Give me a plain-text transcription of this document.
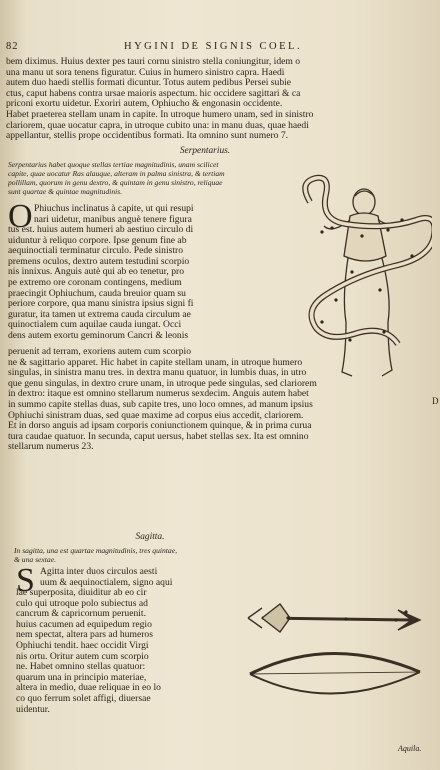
82	HYGINI DE SIGNIS COEL.
bem diximus. Huius dexter pes tauri cornu sinistro stella coniungitur, idem o
una manu ut sora tenens figuratur. Cuius in humero sinistro capra. Haedi
autem duo haedi stellis formati dicuntur. Totus autem pedibus Persei subie
ctus, caput habens contra ursae maioris aspectum. hic occidere sagittari & ca
priconi exortu uidetur. Exoriri autem, Ophiucho & engonasin occidente.
Habet praeterea stellam unam in capite. In utroque humero unam, sed in sinistro
clariorem, quae uocatur capra, in utroque cubito una: in manu duas, quae haedi
appellantur, stellis prope occidentibus formati. Ita omnino sunt numero 7.
Serpentarius.
Serpentarius habet quoque stellas tertiae magnitudinis, unam scilicet
capite, quae uocatur Ras alauque, alteram in palma sinistra, & tertiam
pollillam, quorum in genu dextro, & quintam in genu sinistro, reliquae
sunt quartae & quintae magnitudinis.
O Phiuchus inclinatus à capite, ut qui resupi
nari uidetur, manibus anguè tenere figura
tus est. huius autem humeri ab aestiuo circulo di
uiduntur à reliquo corpore. Ipse genum fine ab
aequinoctiali terminatur circulo. Pede sinistro
premens oculos, dextro autem testudini scorpio
nis innixus. Anguis autè qui ab eo tenetur, pro
pe extremo ore coronam contingens, medium
praecingit Ophiuchum, cauda breuior quam su
periore corpore, qua manu sinistra ipsius signi fi
guratur, ita tamen ut extrema cauda circulum ae
quinoctialem cum aquilae cauda iungat. Occi
dens autem exortu geminorum Cancri & leonis
peruenit ad terram, exoriens autem cum scorpio
ne & sagittario apparet. Hic habet in capite stellam unam, in utroque humero
singulas, in sinistra manu tres. in dextra manu quatuor, in lumbis duas, in utro
que genu singulas, in dextro crure unam, in utroque pede singulas, sed clariorem
in dextro: itaque est omnino stellarum numerus sexdecim. Anguis autem habet
in summo capite stellas duas, sub capite tres, uno loco omnes, ad manum ipsius
Ophiuchi sinistram duas, sed quae maxime ad corpus eius accedit, clariorem.
Et in dorso anguis ad ipsam corporis coniunctionem quinque, & in prima curua
tura caudae quatuor. In secunda, caput uersus, habet stellas sex. Ita est omnino
stellarum numerus 23.
D
Sagitta.
In sagitta, una est quartae magnitudinis, tres quintae,
& una sextae.
S Agitta inter duos circulos aesti
uum & aequinoctialem, signo aqui
lae superposita, diuiditur ab eo cir
culo qui utroque polo subiectus ad
cancrum & capricornum peruenit.
huius cacumen ad equipedum regio
nem spectat, altera pars ad humeros
Ophiuchi tendit. haec occidit Virgi
nis ortu. Oritur autem cum scorpio
ne. Habet omnino stellas quatuor:
quarum una in principio materiae,
altera in medio, duae reliquae in eo lo
co quo ferrum solet affigi, diuersae
uidentur.
Aquila.
